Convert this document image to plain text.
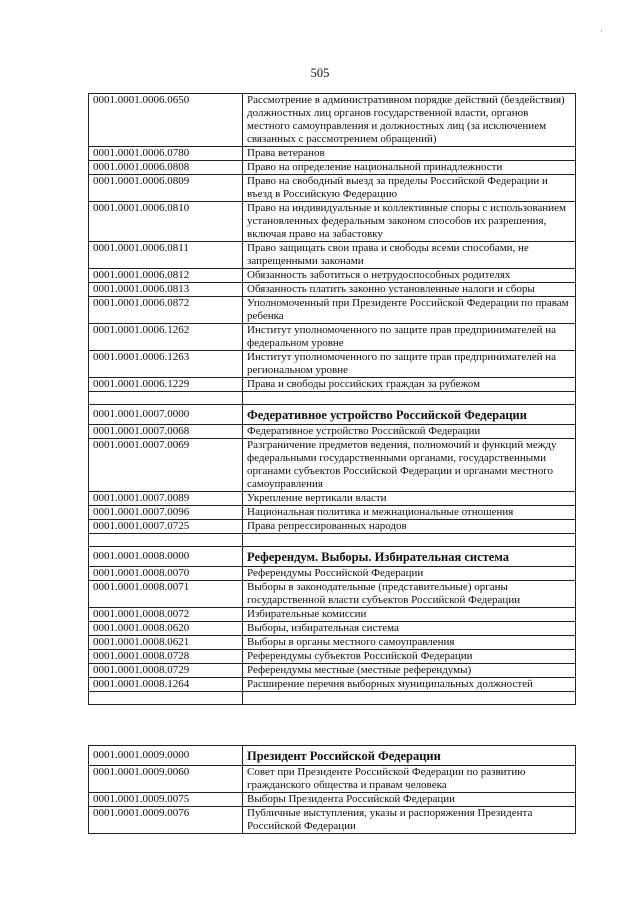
·
505
0001.0001.0006.0650	Рассмотрение в административном порядке действий (бездействия) должностных лиц органов государственной власти, органов местного самоуправления и должностных лиц (за исключением связанных с рассмотрением обращений)
0001.0001.0006.0780	Права ветеранов
0001.0001.0006.0808	Право на определение национальной принадлежности
0001.0001.0006.0809	Право на свободный выезд за пределы Российской Федерации и въезд в Российскую Федерацию
0001.0001.0006.0810	Право на индивидуальные и коллективные споры с использованием установленных федеральным законом способов их разрешения, включая право на забастовку
0001.0001.0006.0811	Право защищать свои права и свободы всеми способами, не запрещенными законами
0001.0001.0006.0812	Обязанность заботиться о нетрудоспособных родителях
0001.0001.0006.0813	Обязанность платить законно установленные налоги и сборы
0001.0001.0006.0872	Уполномоченный при Президенте Российской Федерации по правам ребенка
0001.0001.0006.1262	Институт уполномоченного по защите прав предпринимателей на федеральном уровне
0001.0001.0006.1263	Институт уполномоченного по защите прав предпринимателей на региональном уровне
0001.0001.0006.1229	Права и свободы российских граждан за рубежом

0001.0001.0007.0000	Федеративное устройство Российской Федерации
0001.0001.0007.0068	Федеративное устройство Российской Федерации
0001.0001.0007.0069	Разграничение предметов ведения, полномочий и функций между федеральными государственными органами, государственными органами субъектов Российской Федерации и органами местного самоуправления
0001.0001.0007.0089	Укрепление вертикали власти
0001.0001.0007.0096	Национальная политика и межнациональные отношения
0001.0001.0007.0725	Права репрессированных народов

0001.0001.0008.0000	Референдум. Выборы. Избирательная система
0001.0001.0008.0070	Референдумы Российской Федерации
0001.0001.0008.0071	Выборы в законодательные (представительные) органы государственной власти субъектов Российской Федерации
0001.0001.0008.0072	Избирательные комиссии
0001.0001.0008.0620	Выборы, избирательная система
0001.0001.0008.0621	Выборы в органы местного самоуправления
0001.0001.0008.0728	Референдумы субъектов Российской Федерации
0001.0001.0008.0729	Референдумы местные (местные референдумы)
0001.0001.0008.1264	Расширение перечня выборных муниципальных должностей

0001.0001.0009.0000	Президент Российской Федерации
0001.0001.0009.0060	Совет при Президенте Российской Федерации по развитию гражданского общества и правам человека
0001.0001.0009.0075	Выборы Президента Российской Федерации
0001.0001.0009.0076	Публичные выступления, указы и распоряжения Президента Российской Федерации
